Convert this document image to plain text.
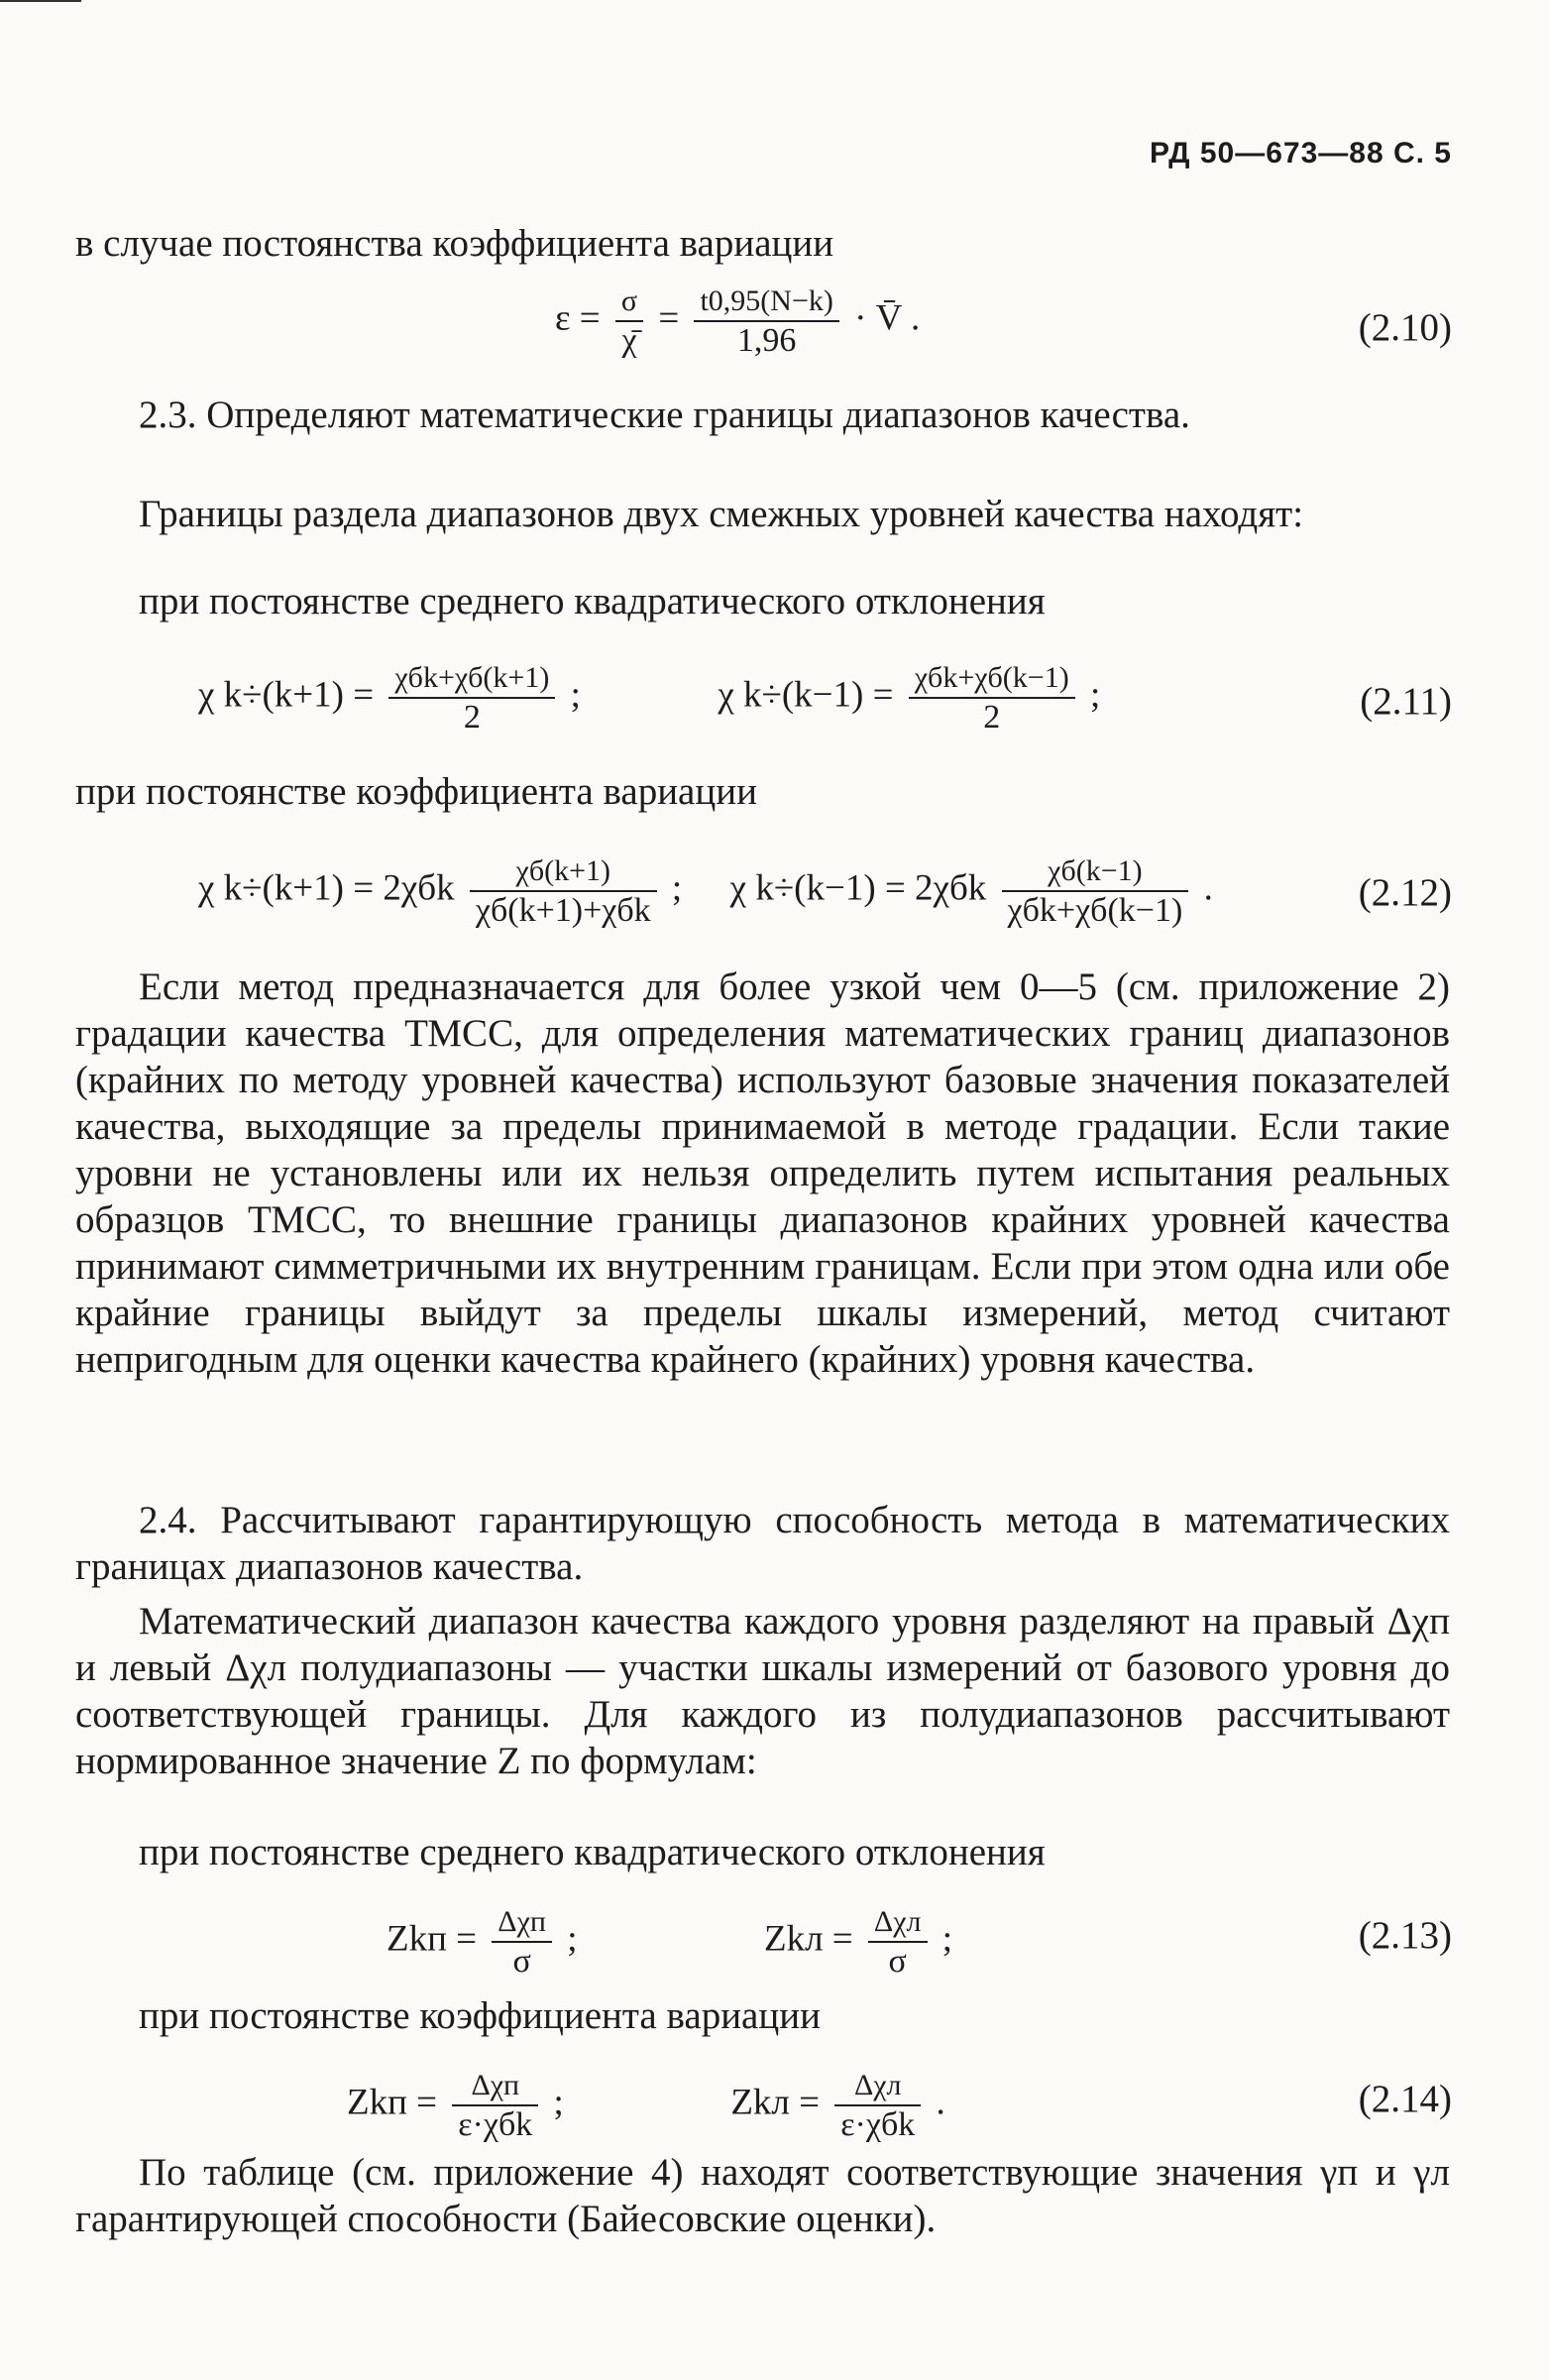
РД 50—673—88 С. 5
в случае постоянства коэффициента вариации
$\varepsilon = \frac{\sigma}{\chī} = \frac{t0,95(N-k)}{1,96}$ · V̄ .	(2.10)
2.3. Определяют математические границы диапазонов качества.
Границы раздела диапазонов двух смежных уровней качества находят:
при постоянстве среднего квадратического отклонения
χ $k\div(k+1) = \frac{\text{χбk+χб(k+1)}}{2}$ ;	χ $k\div(k-1) = \frac{\text{χбk+χб(k−1)}}{2}$ ;	(2.11)
при постоянстве коэффициента вариации
χ $k\div(k+1) = 2\chi бk \frac{\chi б(k+1)}{\text{χб(k+1)+χбk}}$ ; χ $k\div(k-1) = 2\chi бk \frac{\chi б(k-1)}{\text{χбk+χб(k−1)}}$ .	(2.12)
Если метод предназначается для более узкой чем 0—5 (см. приложение 2) градации качества ТМСС, для определения математических границ диапазонов (крайних по методу уровней качества) используют базовые значения показателей качества, выходящие за пределы принимаемой в методе градации. Если такие уровни не установлены или их нельзя определить путем испытания реальных образцов ТМСС, то внешние границы диапазонов крайних уровней качества принимают симметричными их внутренним границам. Если при этом одна или обе крайние границы выйдут за пределы шкалы измерений, метод считают непригодным для оценки качества крайнего (крайних) уровня качества.
2.4. Рассчитывают гарантирующую способность метода в математических границах диапазонов качества.
Математический диапазон качества каждого уровня разделяют на правый Δχп и левый Δχл полудиапазоны — участки шкалы измерений от базового уровня до соответствующей границы. Для каждого из полудиапазонов рассчитывают нормированное значение Z по формулам:
при постоянстве среднего квадратического отклонения
Zkп = $\frac{\text{Δχп}}{\sigma}$ ;	Zkл = $\frac{\text{Δχл}}{\sigma}$ ;	(2.13)
при постоянстве коэффициента вариации
Zkп = $\frac{\text{Δχп}}{\text{ε·χбk}}$ ;	Zkл = $\frac{\text{Δχл}}{\text{ε·χбk}}$ .	(2.14)
По таблице (см. приложение 4) находят соответствующие значения γп и γл гарантирующей способности (Байесовские оценки).
